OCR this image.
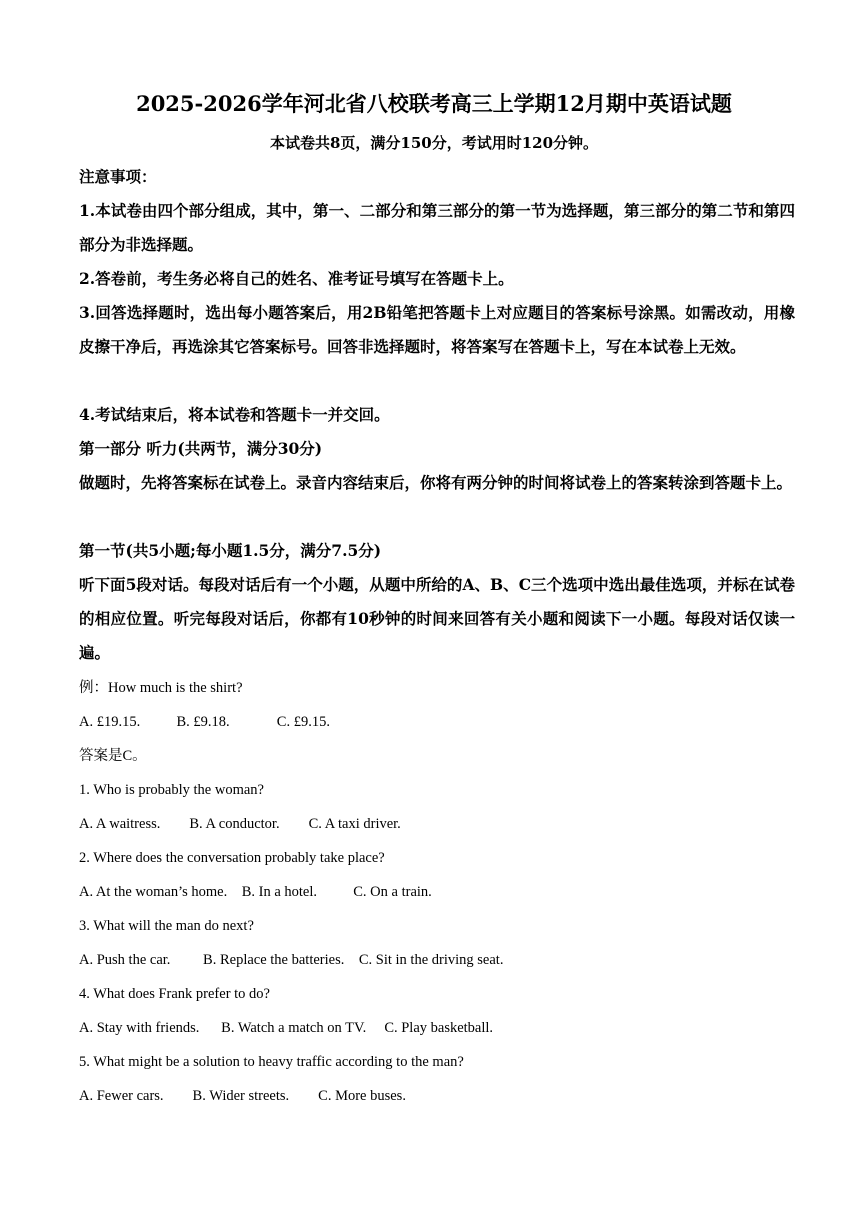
2025-2026学年河北省八校联考高三上学期12月期中英语试题
本试卷共8页，满分150分，考试用时120分钟。
注意事项：
1.本试卷由四个部分组成，其中，第一、二部分和第三部分的第一节为选择题，第三部分的第二节和第四部分为非选择题。
2.答卷前，考生务必将自己的姓名、准考证号填写在答题卡上。
3.回答选择题时，选出每小题答案后，用2B铅笔把答题卡上对应题目的答案标号涂黑。如需改动，用橡皮擦干净后，再选涂其它答案标号。回答非选择题时，将答案写在答题卡上，写在本试卷上无效。
4.考试结束后，将本试卷和答题卡一并交回。
第一部分 听力(共两节，满分30分)
做题时，先将答案标在试卷上。录音内容结束后，你将有两分钟的时间将试卷上的答案转涂到答题卡上。
第一节(共5小题;每小题1.5分，满分7.5分)
听下面5段对话。每段对话后有一个小题，从题中所给的A、B、C三个选项中选出最佳选项，并标在试卷的相应位置。听完每段对话后，你都有10秒钟的时间来回答有关小题和阅读下一小题。每段对话仅读一遍。
例：How much is the shirt?
A. £19.15.          B. £9.18.             C. £9.15.
答案是C。
1. Who is probably the woman?
A. A waitress.        B. A conductor.        C. A taxi driver.
2. Where does the conversation probably take place?
A. At the woman’s home.    B. In a hotel.          C. On a train.
3. What will the man do next?
A. Push the car.         B. Replace the batteries.    C. Sit in the driving seat.
4. What does Frank prefer to do?
A. Stay with friends.      B. Watch a match on TV.     C. Play basketball.
5. What might be a solution to heavy traffic according to the man?
A. Fewer cars.        B. Wider streets.        C. More buses.
